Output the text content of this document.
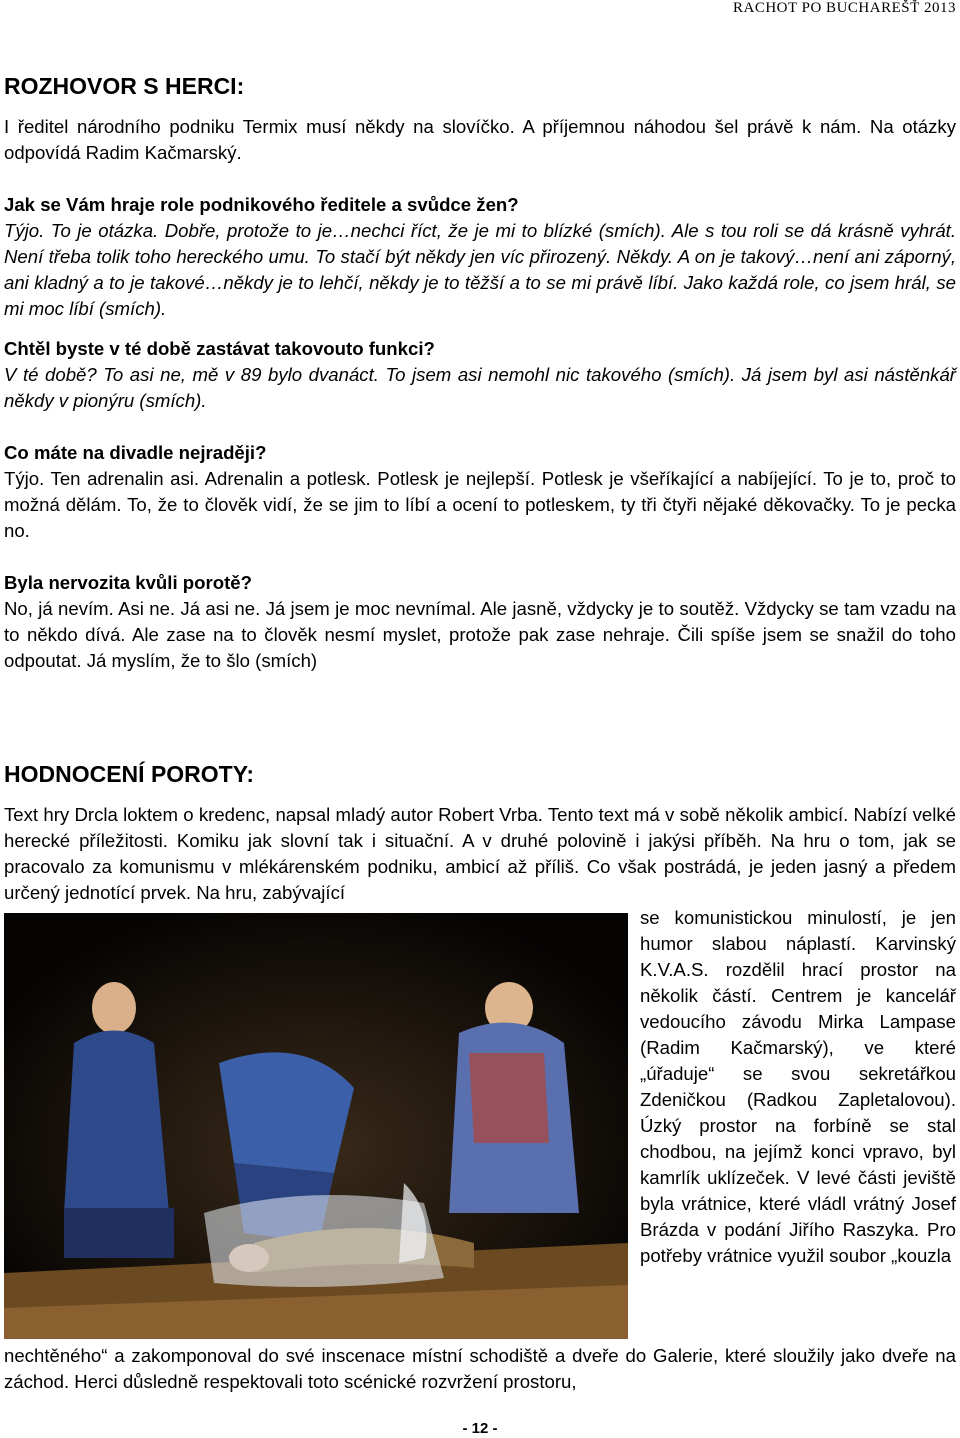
RACHOT PO BUCHAREŠŤ 2013
ROZHOVOR S HERCI:

I ředitel národního podniku Termix musí někdy na slovíčko. A příjemnou náhodou šel právě k nám. Na otázky odpovídá Radim Kačmarský.

Jak se Vám hraje role podnikového ředitele a svůdce žen?

Týjo. To je otázka. Dobře, protože to je…nechci říct, že je mi to blízké (smích). Ale s tou roli se dá krásně vyhrát. Není třeba tolik toho hereckého umu. To stačí být někdy jen víc přirozený. Někdy. A on je takový…není ani záporný, ani kladný a to je takové…někdy je to lehčí, někdy je to těžší a to se mi právě líbí. Jako každá role, co jsem hrál, se mi moc líbí (smích).

Chtěl byste v té době zastávat takovouto funkci?

V té době? To asi ne, mě v 89 bylo dvanáct. To jsem asi nemohl nic takového (smích). Já jsem byl asi nástěnkář někdy v pionýru (smích).

Co máte na divadle nejraději?

Týjo. Ten adrenalin asi. Adrenalin a potlesk. Potlesk je nejlepší. Potlesk je všeříkající a nabíjející. To je to, proč to možná dělám. To, že to člověk vidí, že se jim to líbí a ocení to potleskem, ty tři čtyři nějaké děkovačky. To je pecka no.

Byla nervozita kvůli porotě?

No, já nevím. Asi ne. Já asi ne. Já jsem je moc nevnímal. Ale jasně, vždycky je to soutěž. Vždycky se tam vzadu na to někdo dívá. Ale zase na to člověk nesmí myslet, protože pak zase nehraje. Čili spíše jsem se snažil do toho odpoutat. Já myslím, že to šlo (smích)

HODNOCENÍ POROTY:

Text hry Drcla loktem o kredenc, napsal mladý autor Robert Vrba. Tento text má v sobě několik ambicí. Nabízí velké herecké příležitosti. Komiku jak slovní tak i situační. A v druhé polovině i jakýsi příběh. Na hru o tom, jak se pracovalo za komunismu v mlékárenském podniku, ambicí až příliš. Co však postrádá, je jeden jasný a předem určený jednotící prvek. Na hru, zabývající

se komunistickou minulostí, je jen humor slabou náplastí. Karvinský K.V.A.S. rozdělil hrací prostor na několik částí. Centrem je kancelář vedoucího závodu Mirka Lampase (Radim Kačmarský), ve které „úřaduje“ se svou sekretářkou Zdeničkou (Radkou Zapletalovou). Úzký prostor na forbíně se stal chodbou, na jejímž konci vpravo, byl kamrlík uklízeček. V levé části jeviště byla vrátnice, které vládl vrátný Josef Brázda v podání Jiřího Raszyka. Pro potřeby vrátnice využil soubor „kouzla
nechtěného“ a zakomponoval do své inscenace místní schodiště a dveře do Galerie, které sloužily jako dveře na záchod. Herci důsledně respektovali toto scénické rozvržení prostoru,
- 12 -
